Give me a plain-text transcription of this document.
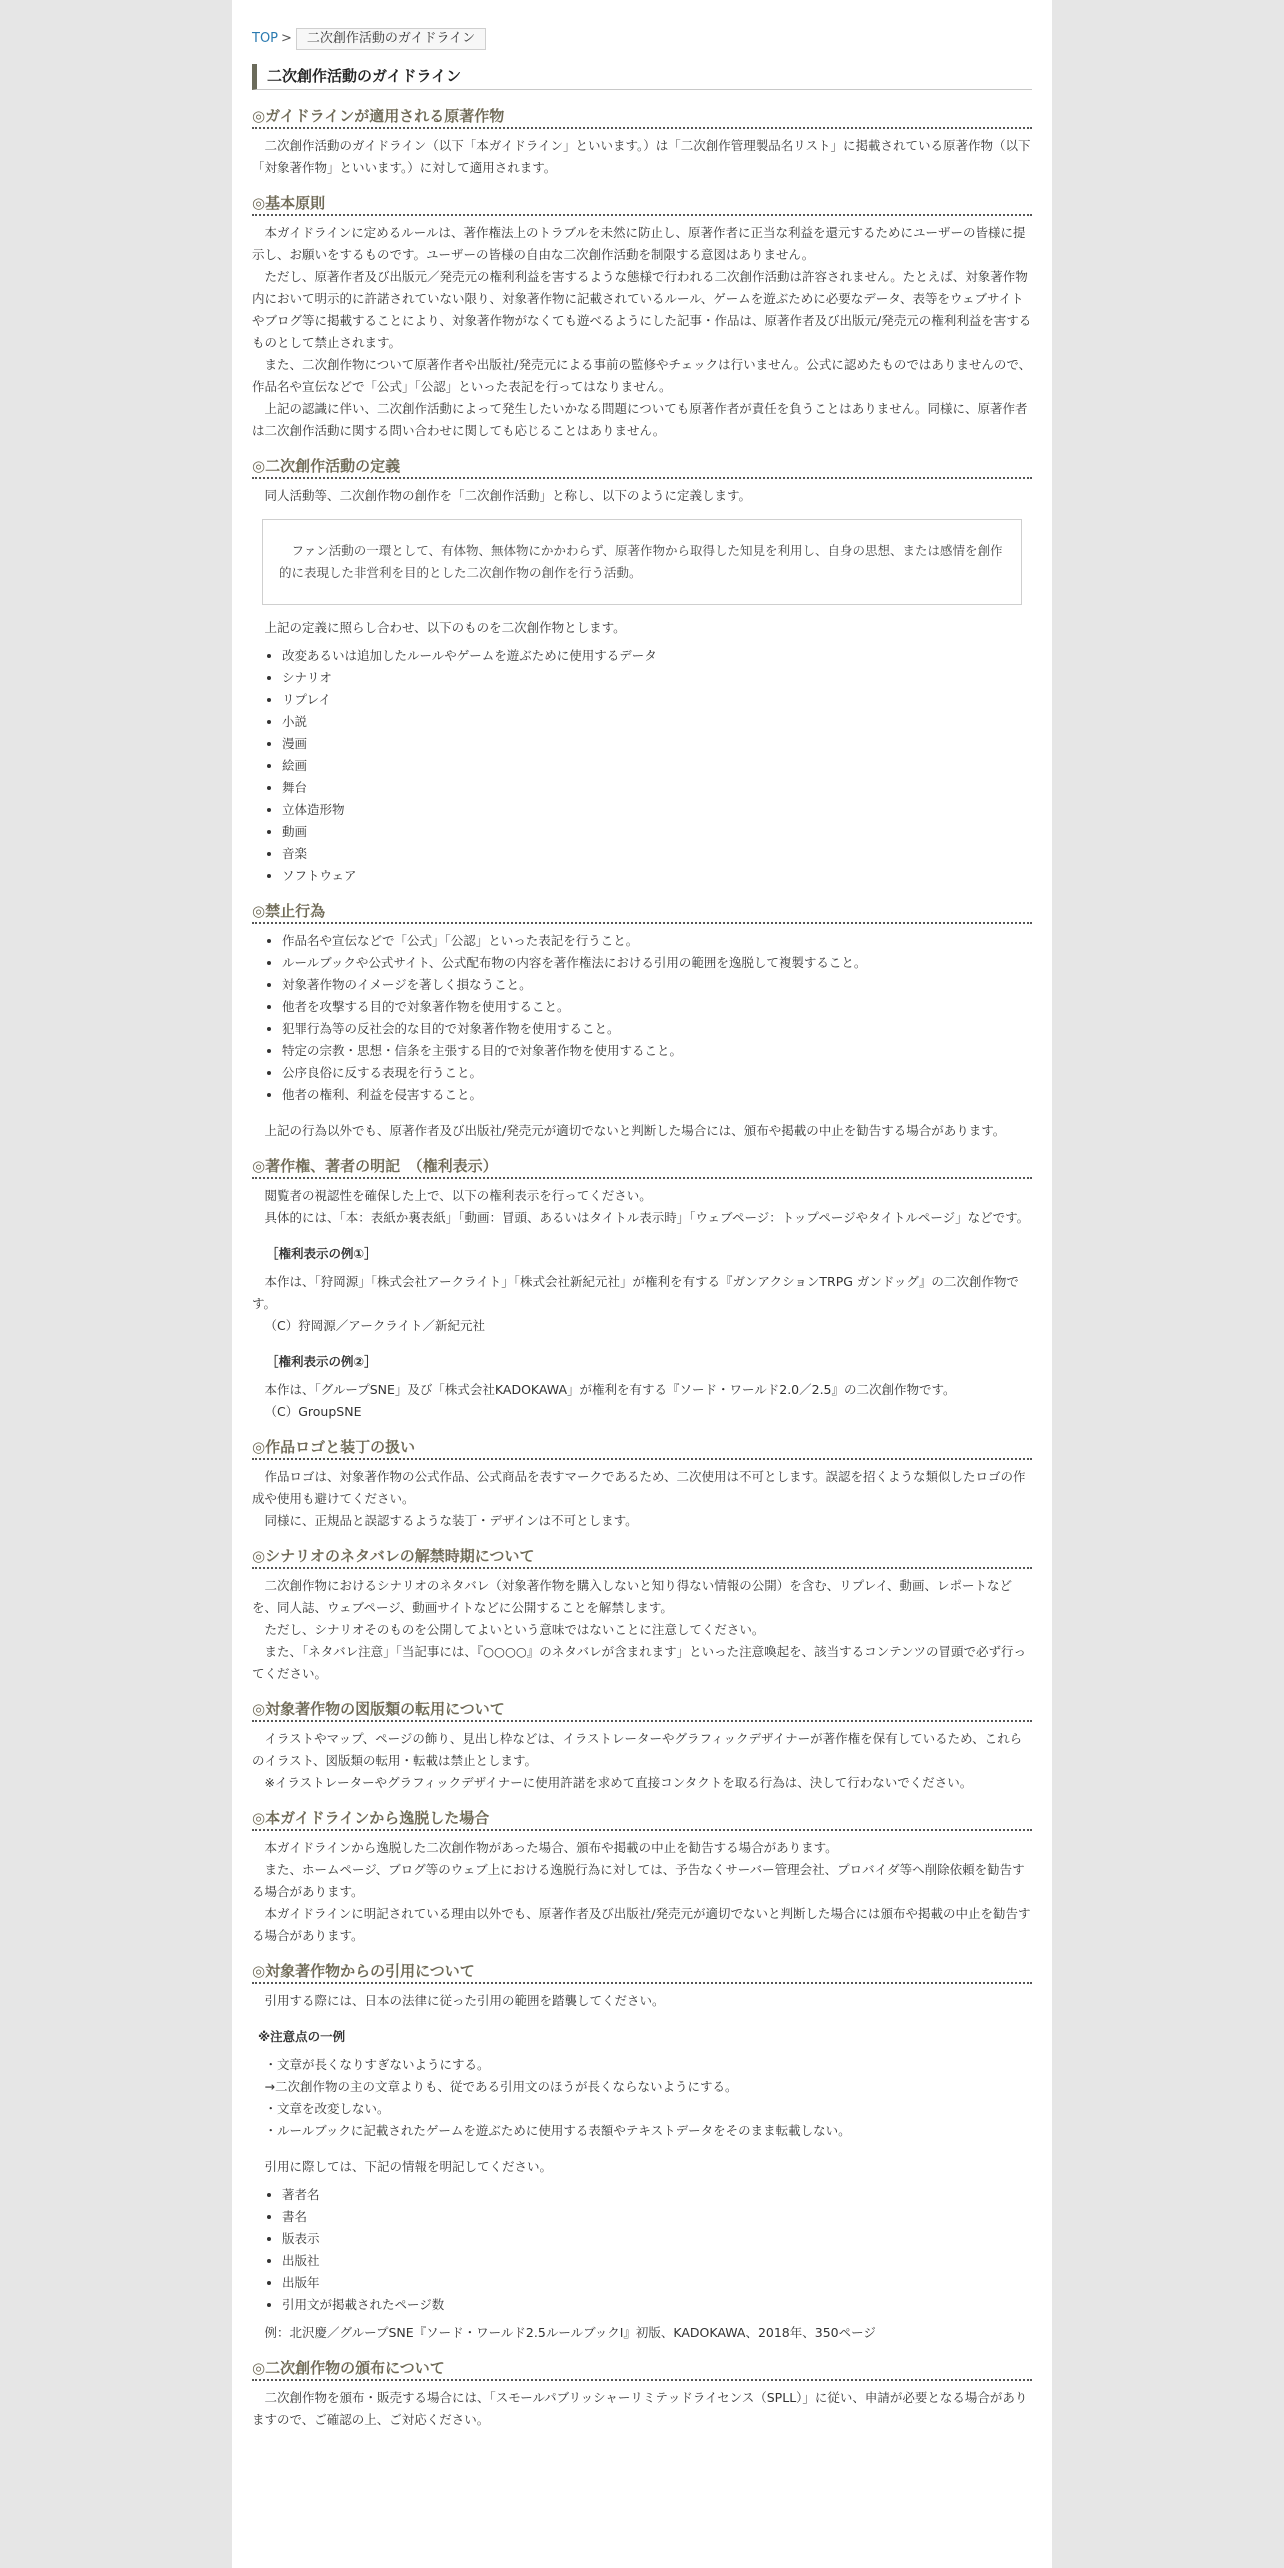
TOP > 二次創作活動のガイドライン
二次創作活動のガイドライン
◎ガイドラインが適用される原著作物

二次創作活動のガイドライン（以下「本ガイドライン」といいます。）は「二次創作管理製品名リスト」に掲載されている原著作物（以下「対象著作物」といいます。）に対して適用されます。

◎基本原則

本ガイドラインに定めるルールは、著作権法上のトラブルを未然に防止し、原著作者に正当な利益を還元するためにユーザーの皆様に提示し、お願いをするものです。ユーザーの皆様の自由な二次創作活動を制限する意図はありません。

ただし、原著作者及び出版元／発売元の権利利益を害するような態様で行われる二次創作活動は許容されません。たとえば、対象著作物内において明示的に許諾されていない限り、対象著作物に記載されているルール、ゲームを遊ぶために必要なデータ、表等をウェブサイトやブログ等に掲載することにより、対象著作物がなくても遊べるようにした記事・作品は、原著作者及び出版元/発売元の権利利益を害するものとして禁止されます。

また、二次創作物について原著作者や出版社/発売元による事前の監修やチェックは行いません。公式に認めたものではありませんので、作品名や宣伝などで「公式」「公認」といった表記を行ってはなりません。

上記の認識に伴い、二次創作活動によって発生したいかなる問題についても原著作者が責任を負うことはありません。同様に、原著作者は二次創作活動に関する問い合わせに関しても応じることはありません。

◎二次創作活動の定義

同人活動等、二次創作物の創作を「二次創作活動」と称し、以下のように定義します。

ファン活動の一環として、有体物、無体物にかかわらず、原著作物から取得した知見を利用し、自身の思想、または感情を創作的に表現した非営利を目的とした二次創作物の創作を行う活動。

上記の定義に照らし合わせ、以下のものを二次創作物とします。

• 改変あるいは追加したルールやゲームを遊ぶために使用するデータ
• シナリオ
• リプレイ
• 小説
• 漫画
• 絵画
• 舞台
• 立体造形物
• 動画
• 音楽
• ソフトウェア
◎禁止行為
• 作品名や宣伝などで「公式」「公認」といった表記を行うこと。
• ルールブックや公式サイト、公式配布物の内容を著作権法における引用の範囲を逸脱して複製すること。
• 対象著作物のイメージを著しく損なうこと。
• 他者を攻撃する目的で対象著作物を使用すること。
• 犯罪行為等の反社会的な目的で対象著作物を使用すること。
• 特定の宗教・思想・信条を主張する目的で対象著作物を使用すること。
• 公序良俗に反する表現を行うこと。
• 他者の権利、利益を侵害すること。

上記の行為以外でも、原著作者及び出版社/発売元が適切でないと判断した場合には、頒布や掲載の中止を勧告する場合があります。

◎著作権、著者の明記　（権利表示）

閲覧者の視認性を確保した上で、以下の権利表示を行ってください。

具体的には、「本：表紙か裏表紙」「動画：冒頭、あるいはタイトル表示時」「ウェブページ：トップページやタイトルページ」などです。

［権利表示の例①］

本作は、「狩岡源」「株式会社アークライト」「株式会社新紀元社」が権利を有する『ガンアクションTRPG ガンドッグ』の二次創作物です。

（C）狩岡源／アークライト／新紀元社

［権利表示の例②］

本作は、「グループSNE」及び「株式会社KADOKAWA」が権利を有する『ソード・ワールド2.0／2.5』の二次創作物です。

（C）GroupSNE

◎作品ロゴと装丁の扱い

作品ロゴは、対象著作物の公式作品、公式商品を表すマークであるため、二次使用は不可とします。誤認を招くような類似したロゴの作成や使用も避けてください。

同様に、正規品と誤認するような装丁・デザインは不可とします。

◎シナリオのネタバレの解禁時期について

二次創作物におけるシナリオのネタバレ（対象著作物を購入しないと知り得ない情報の公開）を含む、リプレイ、動画、レポートなどを、同人誌、ウェブページ、動画サイトなどに公開することを解禁します。

ただし、シナリオそのものを公開してよいという意味ではないことに注意してください。

また、「ネタバレ注意」「当記事には、『○○○○』のネタバレが含まれます」といった注意喚起を、該当するコンテンツの冒頭で必ず行ってください。

◎対象著作物の図版類の転用について

イラストやマップ、ページの飾り、見出し枠などは、イラストレーターやグラフィックデザイナーが著作権を保有しているため、これらのイラスト、図版類の転用・転載は禁止とします。

※イラストレーターやグラフィックデザイナーに使用許諾を求めて直接コンタクトを取る行為は、決して行わないでください。

◎本ガイドラインから逸脱した場合

本ガイドラインから逸脱した二次創作物があった場合、頒布や掲載の中止を勧告する場合があります。

また、ホームページ、ブログ等のウェブ上における逸脱行為に対しては、予告なくサーバー管理会社、プロバイダ等へ削除依頼を勧告する場合があります。

本ガイドラインに明記されている理由以外でも、原著作者及び出版社/発売元が適切でないと判断した場合には頒布や掲載の中止を勧告する場合があります。

◎対象著作物からの引用について

引用する際には、日本の法律に従った引用の範囲を踏襲してください。

※注意点の一例

・文章が長くなりすぎないようにする。

→二次創作物の主の文章よりも、従である引用文のほうが長くならないようにする。

・文章を改変しない。

・ルールブックに記載されたゲームを遊ぶために使用する表額やテキストデータをそのまま転載しない。

引用に際しては、下記の情報を明記してください。

• 著者名
• 書名
• 版表示
• 出版社
• 出版年
• 引用文が掲載されたページ数

例：北沢慶／グループSNE『ソード・ワールド2.5ルールブックI』初版、KADOKAWA、2018年、350ページ

◎二次創作物の頒布について

二次創作物を頒布・販売する場合には、「スモールパブリッシャーリミテッドライセンス（SPLL）」に従い、申請が必要となる場合がありますので、ご確認の上、ご対応ください。
